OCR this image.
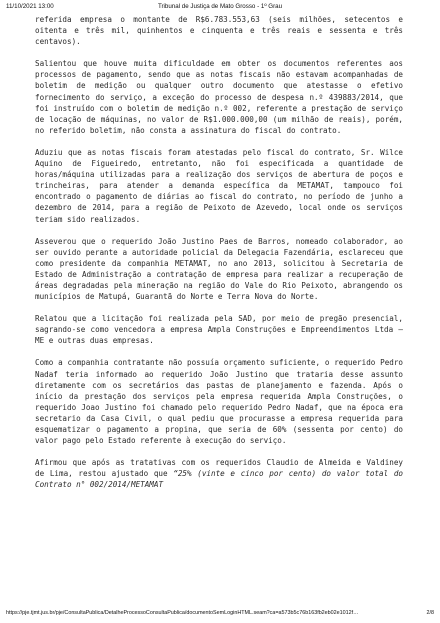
11/10/2021 13:00	Tribunal de Justiça de Mato Grosso - 1º Grau

referida empresa o montante de R$6.783.553,63 (seis milhões, setecentos e oitenta e três mil, quinhentos e cinquenta e três reais e sessenta e três centavos).

Salientou que houve muita dificuldade em obter os documentos referentes aos processos de pagamento, sendo que as notas fiscais não estavam acompanhadas de boletim de medição ou qualquer outro documento que atestasse o efetivo fornecimento do serviço, a exceção do processo de despesa n.º 439883/2014, que foi instruído com o boletim de medição n.º 002, referente a prestação de serviço de locação de máquinas, no valor de R$1.000.000,00 (um milhão de reais), porém, no referido boletim, não consta a assinatura do fiscal do contrato.

Aduziu que as notas fiscais foram atestadas pelo fiscal do contrato, Sr. Wilce Aquino de Figueiredo, entretanto, não foi especificada a quantidade de horas/máquina utilizadas para a realização dos serviços de abertura de poços e trincheiras, para atender a demanda específica da METAMAT, tampouco foi encontrado o pagamento de diárias ao fiscal do contrato, no período de junho a dezembro de 2014, para a região de Peixoto de Azevedo, local onde os serviços teriam sido realizados.

Asseverou que o requerido João Justino Paes de Barros, nomeado colaborador, ao ser ouvido perante a autoridade policial da Delegacia Fazendária, esclareceu que como presidente da companhia METAMAT, no ano 2013, solicitou à Secretaria de Estado de Administração a contratação de empresa para realizar a recuperação de áreas degradadas pela mineração na região do Vale do Rio Peixoto, abrangendo os municípios de Matupá, Guarantã do Norte e Terra Nova do Norte.

Relatou que a licitação foi realizada pela SAD, por meio de pregão presencial, sagrando-se como vencedora a empresa Ampla Construções e Empreendimentos Ltda – ME e outras duas empresas.

Como a companhia contratante não possuía orçamento suficiente, o requerido Pedro Nadaf teria informado ao requerido João Justino que trataria desse assunto diretamente com os secretários das pastas de planejamento e fazenda. Após o início da prestação dos serviços pela empresa requerida Ampla Construções, o requerido Joao Justino foi chamado pelo requerido Pedro Nadaf, que na época era secretario da Casa Civil, o qual pediu que procurasse a empresa requerida para esquematizar o pagamento a propina, que seria de 60% (sessenta por cento) do valor pago pelo Estado referente à execução do serviço.

Afirmou que após as tratativas com os requeridos Claudio de Almeida e Valdiney de Lima, restou ajustado que “25% (vinte e cinco por cento) do valor total do Contrato n° 002/2014/METAMAT

https://pje.tjmt.jus.br/pje/ConsultaPublica/DetalheProcessoConsultaPublica/documentoSemLoginHTML.seam?ca=a573b5c76b163fb2eb02e1012f…	2/8
